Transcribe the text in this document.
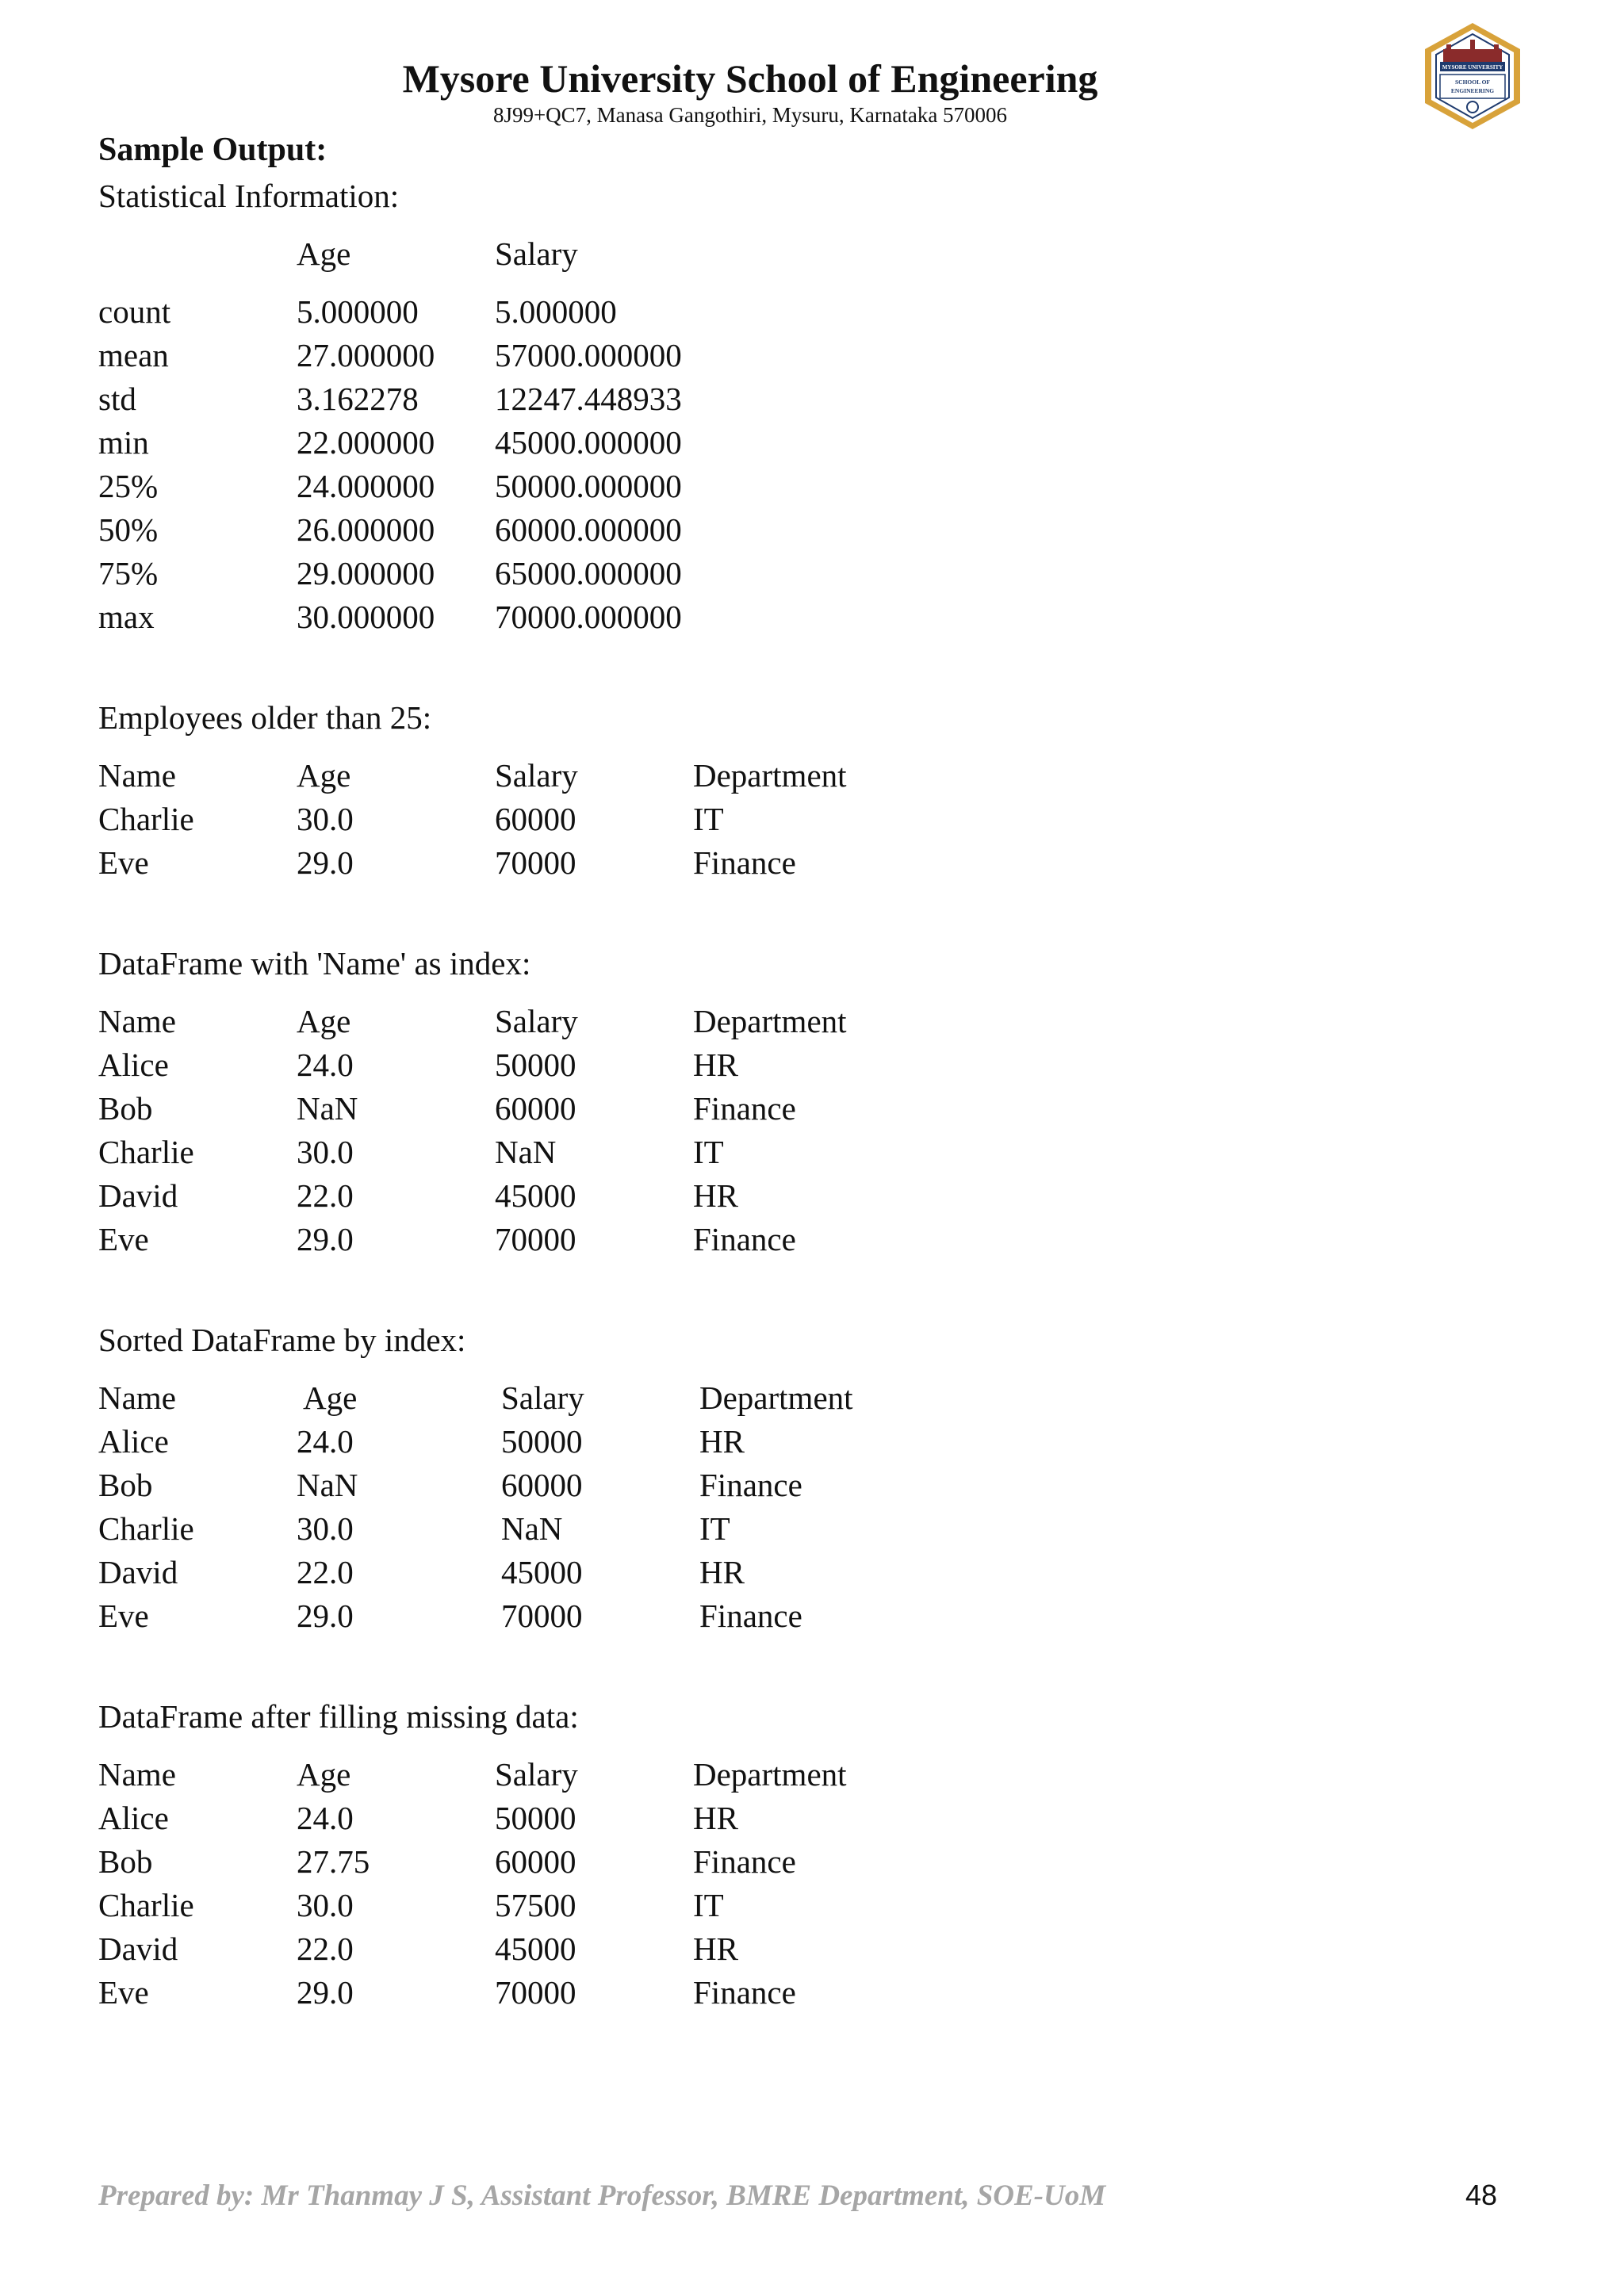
Mysore University School of Engineering
8J99+QC7, Manasa Gangothiri, Mysuru, Karnataka 570006
MYSORE UNIVERSITY
SCHOOL OF
ENGINEERING

Sample Output:

Statistical Information:

	Age	Salary

count	5.000000	5.000000
mean	27.000000	57000.000000
std	3.162278	12247.448933
min	22.000000	45000.000000
25%	24.000000	50000.000000
50%	26.000000	60000.000000
75%	29.000000	65000.000000
max	30.000000	70000.000000

Employees older than 25:

Name	Age	Salary	Department
Charlie	30.0	60000	IT
Eve	29.0	70000	Finance

DataFrame with 'Name' as index:

Name	Age	Salary	Department
Alice	24.0	50000	HR
Bob	NaN	60000	Finance
Charlie	30.0	NaN	IT
David	22.0	45000	HR
Eve	29.0	70000	Finance

Sorted DataFrame by index:

Name	Age	Salary	Department
Alice	24.0	50000	HR
Bob	NaN	60000	Finance
Charlie	30.0	NaN	IT
David	22.0	45000	HR
Eve	29.0	70000	Finance

DataFrame after filling missing data:

Name	Age	Salary	Department
Alice	24.0	50000	HR
Bob	27.75	60000	Finance
Charlie	30.0	57500	IT
David	22.0	45000	HR
Eve	29.0	70000	Finance
Prepared by: Mr Thanmay J S, Assistant Professor, BMRE Department, SOE-UoM	48
